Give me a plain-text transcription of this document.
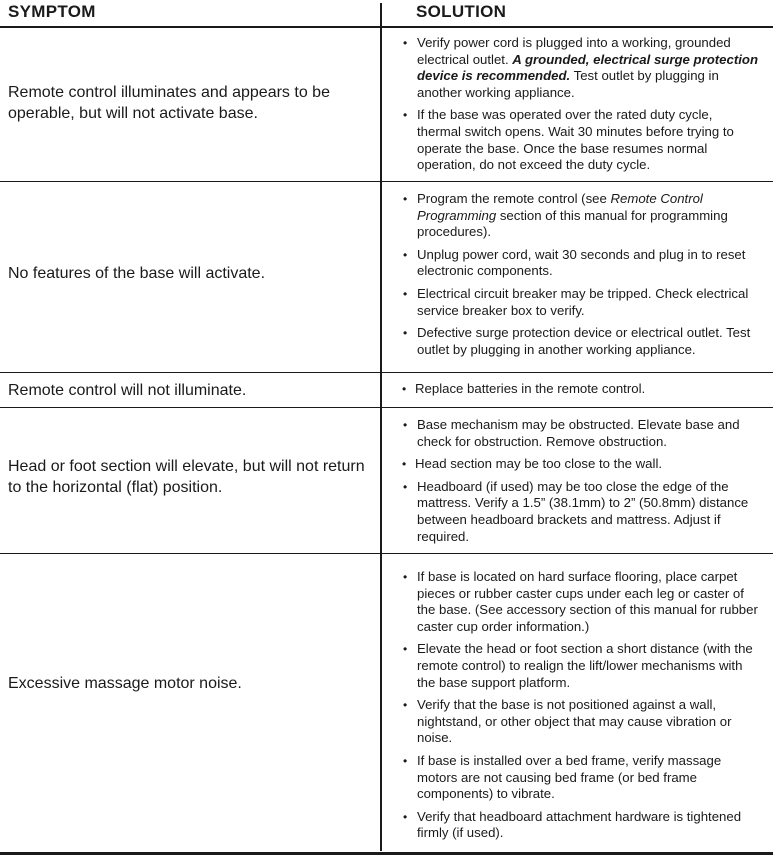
SYMPTOM	SOLUTION
Remote control illuminates and appears to be operable, but will not activate base.
• Verify power cord is plugged into a working, grounded electrical outlet. A grounded, electrical surge protection device is recommended. Test outlet by plugging in another working appliance.
• If the base was operated over the rated duty cycle, thermal switch opens. Wait 30 minutes before trying to operate the base. Once the base resumes normal operation, do not exceed the duty cycle.
No features of the base will activate.
• Program the remote control (see Remote Control Programming section of this manual for programming procedures).
• Unplug power cord, wait 30 seconds and plug in to reset electronic components.
• Electrical circuit breaker may be tripped. Check electrical service breaker box to verify.
• Defective surge protection device or electrical outlet. Test outlet by plugging in another working appliance.
Remote control will not illuminate.	• Replace batteries in the remote control.
Head or foot section will elevate, but will not return to the horizontal (flat) position.
• Base mechanism may be obstructed. Elevate base and check for obstruction. Remove obstruction.
• Head section may be too close to the wall.
• Headboard (if used) may be too close the edge of the mattress. Verify a 1.5” (38.1mm) to 2” (50.8mm) distance between headboard brackets and mattress. Adjust if required.
Excessive massage motor noise.
• If base is located on hard surface flooring, place carpet pieces or rubber caster cups under each leg or caster of the base. (See accessory section of this manual for rubber caster cup order information.)
• Elevate the head or foot section a short distance (with the remote control) to realign the lift/lower mechanisms with the base support platform.
• Verify that the base is not positioned against a wall, nightstand, or other object that may cause vibration or noise.
• If base is installed over a bed frame, verify massage motors are not causing bed frame (or bed frame components) to vibrate.
• Verify that headboard attachment hardware is tightened firmly (if used).
